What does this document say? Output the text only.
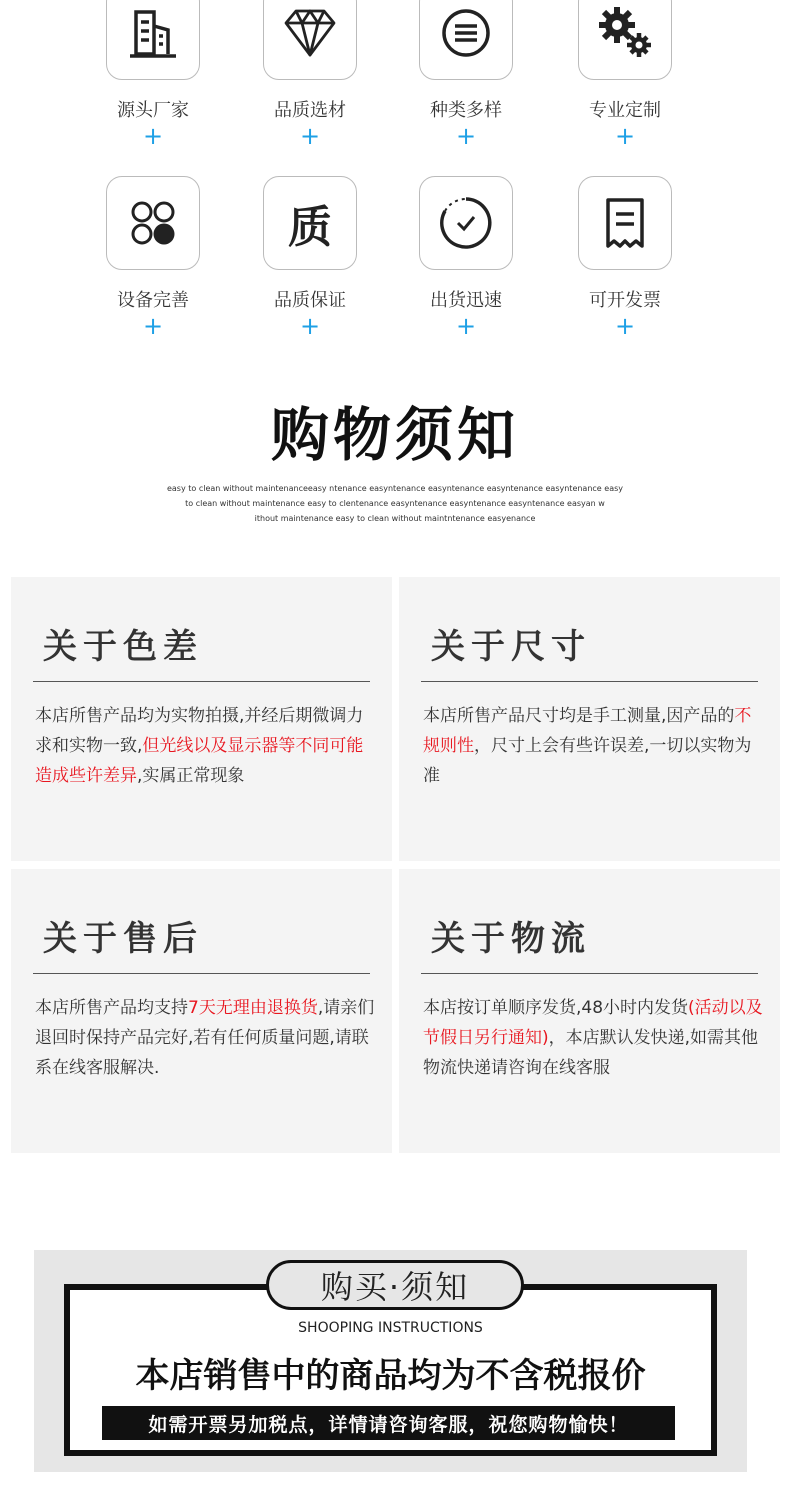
源头厂家
+
品质选材
+
种类多样
+
专业定制
+
设备完善
+
质
品质保证
+
出货迅速
+
可开发票
+
购物须知
easy to clean without maintenanceeasy ntenance easyntenance easyntenance easyntenance easyntenance easy
to clean without maintenance easy to clentenance easyntenance easyntenance easyntenance easyan w
ithout maintenance easy to clean without maintntenance easyenance
关于色差
本店所售产品均为实物拍摄,并经后期微调力求和实物一致,但光线以及显示器等不同可能造成些许差异,实属正常现象
关于尺寸
本店所售产品尺寸均是手工测量,因产品的不规则性，尺寸上会有些许误差,一切以实物为准
关于售后
本店所售产品均支持7天无理由退换货,请亲们退回时保持产品完好,若有任何质量问题,请联系在线客服解决.
关于物流
本店按订单顺序发货,48小时内发货(活动以及节假日另行通知)，本店默认发快递,如需其他物流快递请咨询在线客服
购买·须知
SHOOPING INSTRUCTIONS
本店销售中的商品均为不含税报价
如需开票另加税点，详情请咨询客服，祝您购物愉快！
